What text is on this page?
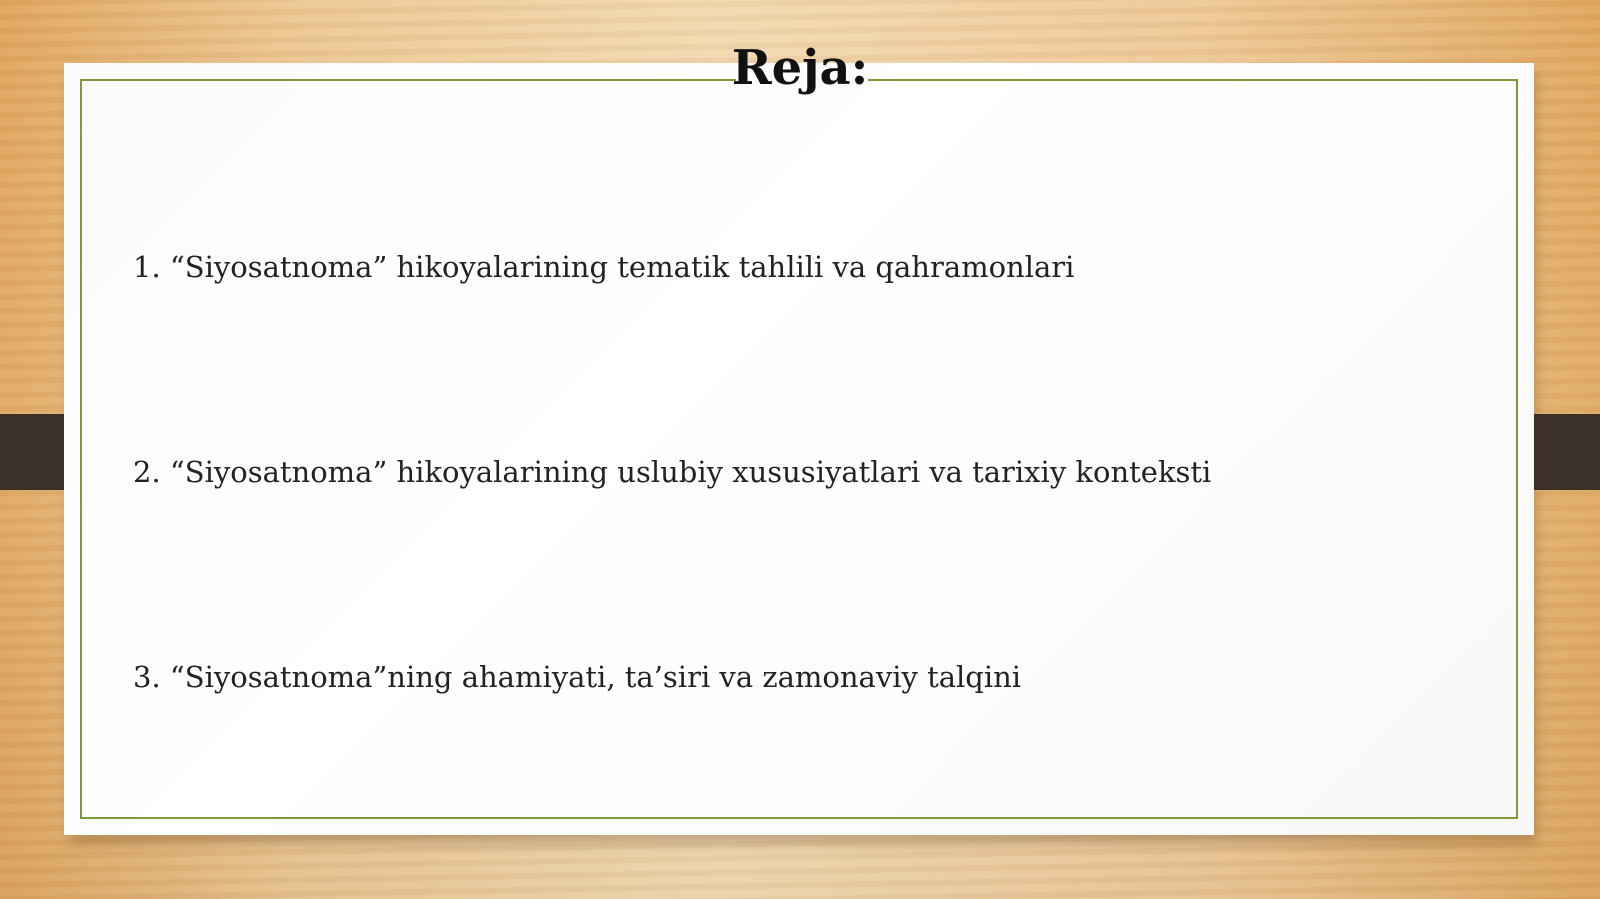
Reja:
1. “Siyosatnoma” hikoyalarining tematik tahlili va qahramonlari
2. “Siyosatnoma” hikoyalarining uslubiy xususiyatlari va tarixiy konteksti
3. “Siyosatnoma”ning ahamiyati, ta’siri va zamonaviy talqini
